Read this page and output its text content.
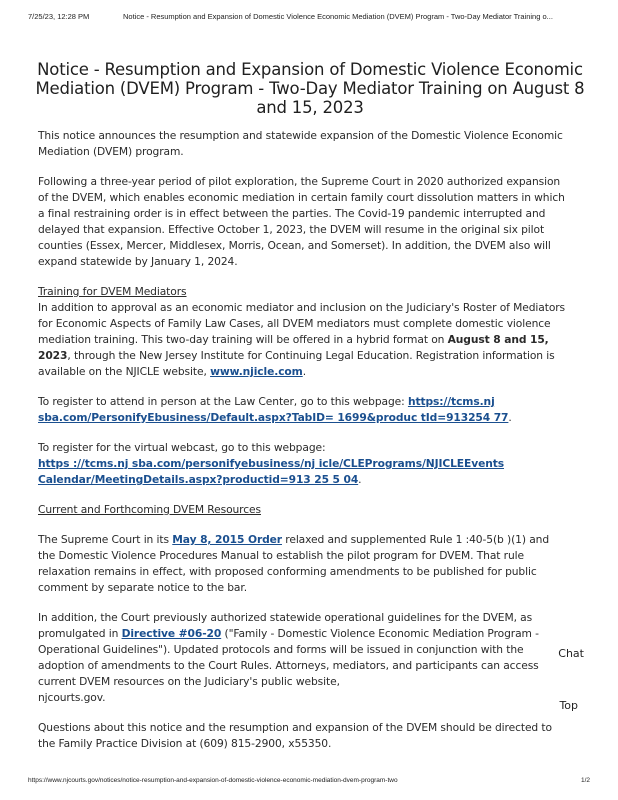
7/25/23, 12:28 PM	Notice - Resumption and Expansion of Domestic Violence Economic Mediation (DVEM) Program - Two-Day Mediator Training o...
Notice - Resumption and Expansion of Domestic Violence Economic Mediation (DVEM) Program - Two-Day Mediator Training on August 8 and 15, 2023

This notice announces the resumption and statewide expansion of the Domestic Violence Economic Mediation (DVEM) program.

Following a three-year period of pilot exploration, the Supreme Court in 2020 authorized expansion of the DVEM, which enables economic mediation in certain family court dissolution matters in which a final restraining order is in effect between the parties. The Covid-19 pandemic interrupted and delayed that expansion. Effective October 1, 2023, the DVEM will resume in the original six pilot counties (Essex, Mercer, Middlesex, Morris, Ocean, and Somerset). In addition, the DVEM also will expand statewide by January 1, 2024.

Training for DVEM Mediators

In addition to approval as an economic mediator and inclusion on the Judiciary's Roster of Mediators for Economic Aspects of Family Law Cases, all DVEM mediators must complete domestic violence mediation training. This two-day training will be offered in a hybrid format on August 8 and 15, 2023, through the New Jersey Institute for Continuing Legal Education. Registration information is available on the NJICLE website, www.njicle.com.

To register to attend in person at the Law Center, go to this webpage: https://tcms.nj sba.com/PersonifyEbusiness/Default.aspx?TabID= 1699&produc tId=913254 77.

To register for the virtual webcast, go to this webpage:
https ://tcms.nj sba.com/personifyebusiness/nj icle/CLEPrograms/NJICLEEvents Calendar/MeetingDetails.aspx?productid=913 25 5 04.

Current and Forthcoming DVEM Resources

The Supreme Court in its May 8, 2015 Order relaxed and supplemented Rule 1 :40-5(b )(1) and the Domestic Violence Procedures Manual to establish the pilot program for DVEM. That rule relaxation remains in effect, with proposed conforming amendments to be published for public comment by separate notice to the bar.

In addition, the Court previously authorized statewide operational guidelines for the DVEM, as promulgated in Directive #06-20 ("Family - Domestic Violence Economic Mediation Program - Operational Guidelines"). Updated protocols and forms will be issued in conjunction with the adoption of amendments to the Court Rules. Attorneys, mediators, and participants can access current DVEM resources on the Judiciary's public website,
njcourts.gov.

Questions about this notice and the resumption and expansion of the DVEM should be directed to the Family Practice Division at (609) 815-2900, x55350.

Chat
Top
https://www.njcourts.gov/notices/notice-resumption-and-expansion-of-domestic-violence-economic-mediation-dvem-program-two	1/2
